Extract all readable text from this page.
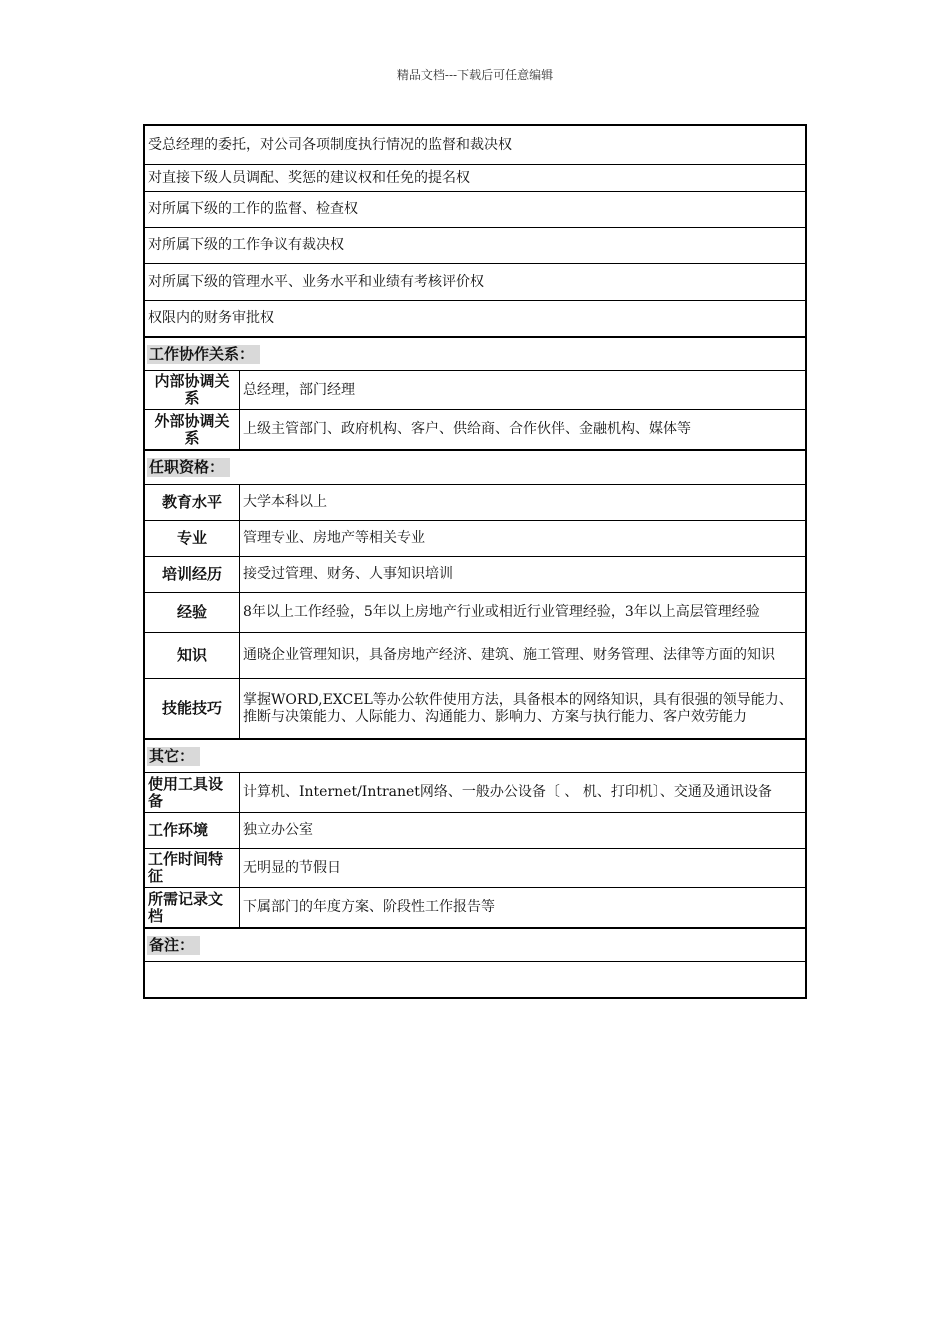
精品文档---下载后可任意编辑
受总经理的委托，对公司各项制度执行情况的监督和裁决权
对直接下级人员调配、奖惩的建议权和任免的提名权
对所属下级的工作的监督、检查权
对所属下级的工作争议有裁决权
对所属下级的管理水平、业务水平和业绩有考核评价权
权限内的财务审批权
工作协作关系：
内部协调关系	总经理，部门经理
外部协调关系	上级主管部门、政府机构、客户、供给商、合作伙伴、金融机构、媒体等
任职资格：
教育水平	大学本科以上
专业	管理专业、房地产等相关专业
培训经历	接受过管理、财务、人事知识培训
经验	8年以上工作经验，5年以上房地产行业或相近行业管理经验，3年以上高层管理经验
知识	通晓企业管理知识，具备房地产经济、建筑、施工管理、财务管理、法律等方面的知识
技能技巧	掌握WORD,EXCEL等办公软件使用方法，具备根本的网络知识，具有很强的领导能力、推断与决策能力、人际能力、沟通能力、影响力、方案与执行能力、客户效劳能力
其它：
使用工具设备	计算机、Internet/Intranet网络、一般办公设备〔 、 机、打印机〕、交通及通讯设备
工作环境	独立办公室
工作时间特征	无明显的节假日
所需记录文档	下属部门的年度方案、阶段性工作报告等
备注：
